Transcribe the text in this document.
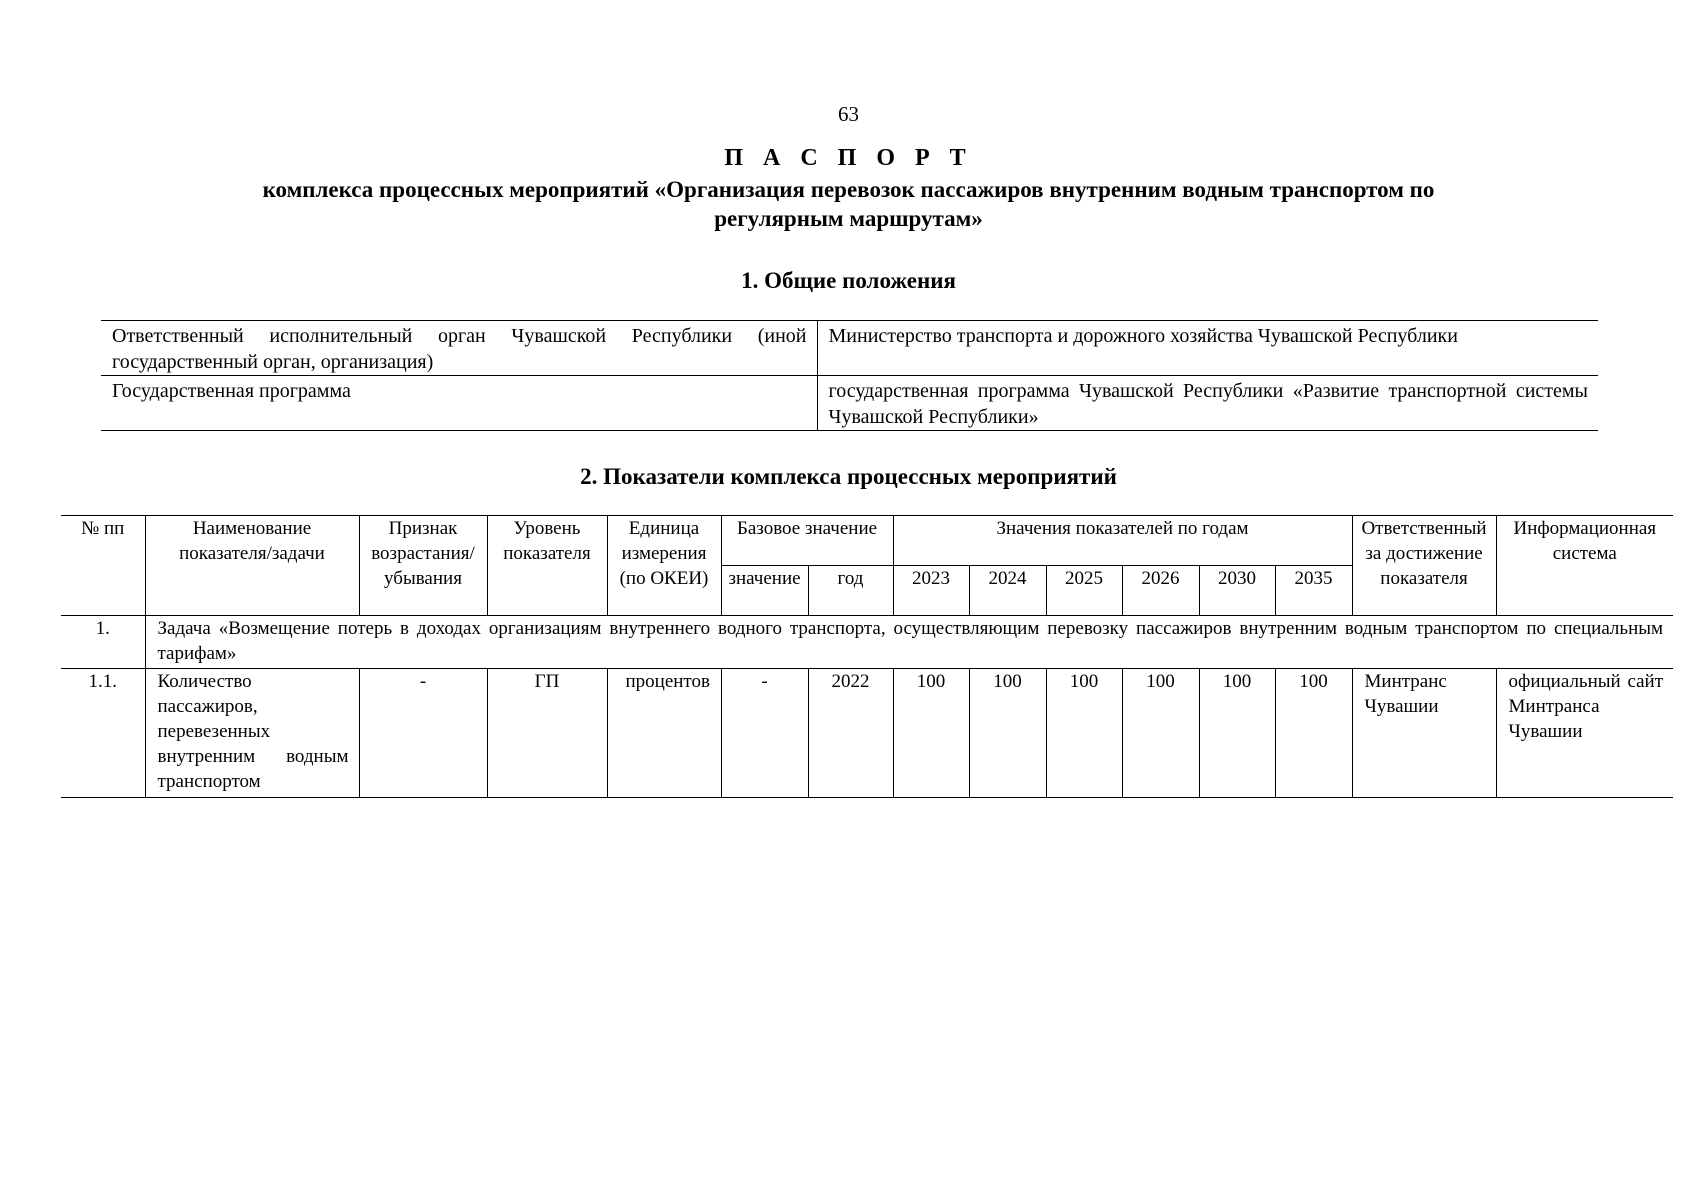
63
П А С П О Р Т
комплекса процессных мероприятий «Организация перевозок пассажиров внутренним водным транспортом по регулярным маршрутам»
1. Общие положения
Ответственный исполнительный орган Чувашской Республики (иной государственный орган, организация)	Министерство транспорта и дорожного хозяйства Чувашской Республики
Государственная программа	государственная программа Чувашской Республики «Развитие транспортной системы Чувашской Республики»
2. Показатели комплекса процессных мероприятий
№ пп	Наименование показателя/задачи	Признак возрастания/убывания	Уровень показателя	Единица измерения (по ОКЕИ)	Базовое значение		Значения показателей по годам						Ответственный за достижение показателя	Информационная система
					значение	год	2023	2024	2025	2026	2030	2035		
1.	Задача «Возмещение потерь в доходах организациям внутреннего водного транспорта, осуществляющим перевозку пассажиров внутренним водным транспортом по специальным тарифам»													
1.1.	Количество пассажиров, перевезенных внутренним водным транспортом	-	ГП	процентов	-	2022	100	100	100	100	100	100	Минтранс Чувашии	официальный сайт Минтранса Чувашии
